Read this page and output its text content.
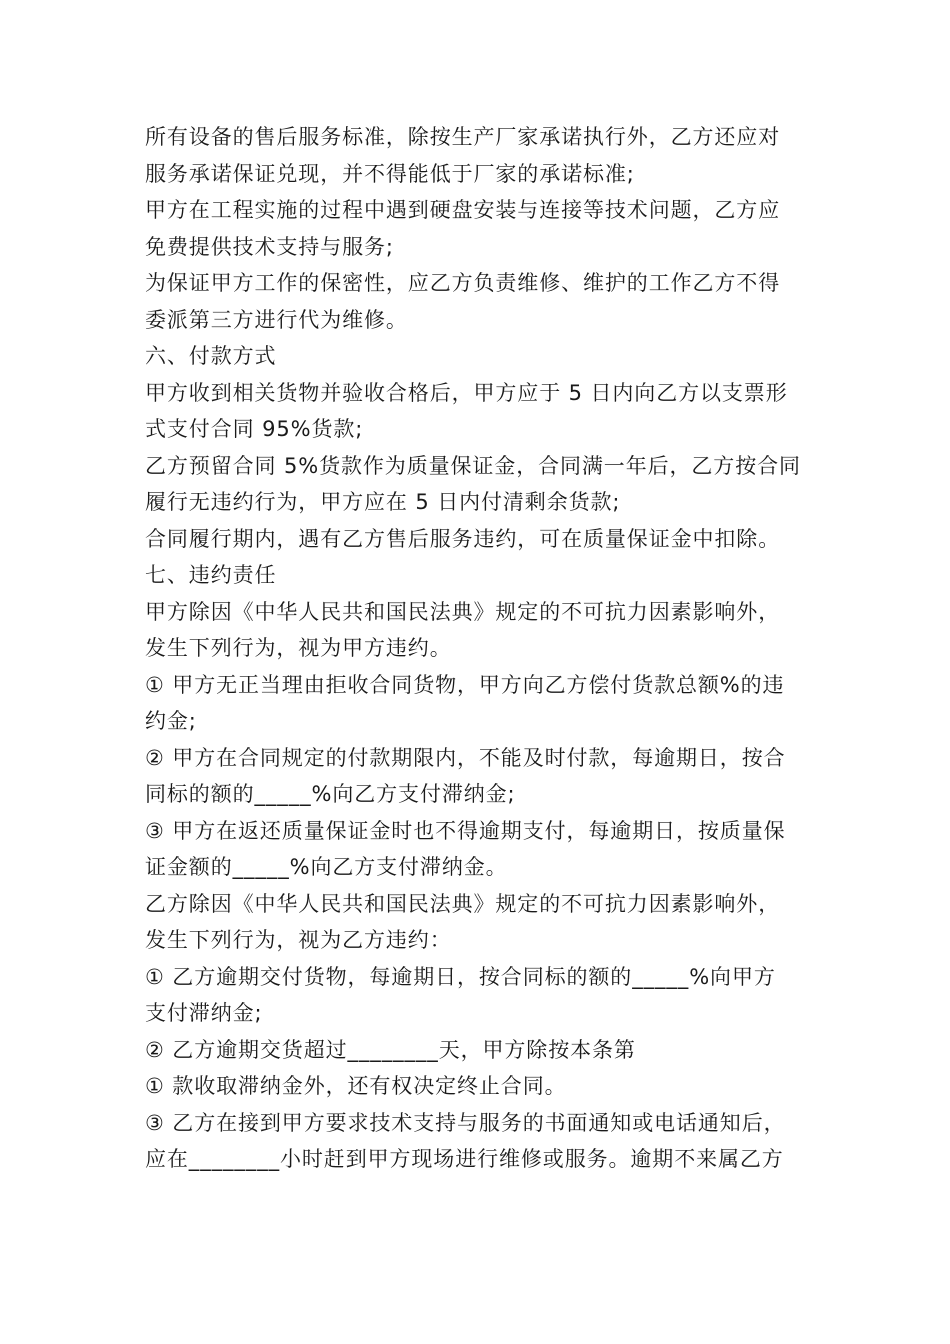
所有设备的售后服务标准，除按生产厂家承诺执行外，乙方还应对
服务承诺保证兑现，并不得能低于厂家的承诺标准;
甲方在工程实施的过程中遇到硬盘安装与连接等技术问题，乙方应
免费提供技术支持与服务;
为保证甲方工作的保密性，应乙方负责维修、维护的工作乙方不得
委派第三方进行代为维修。
六、付款方式
甲方收到相关货物并验收合格后，甲方应于 5 日内向乙方以支票形
式支付合同 95%货款;
乙方预留合同 5%货款作为质量保证金，合同满一年后，乙方按合同
履行无违约行为，甲方应在 5 日内付清剩余货款;
合同履行期内，遇有乙方售后服务违约，可在质量保证金中扣除。
七、违约责任
甲方除因《中华人民共和国民法典》规定的不可抗力因素影响外，
发生下列行为，视为甲方违约。
① 甲方无正当理由拒收合同货物，甲方向乙方偿付货款总额%的违
约金;
② 甲方在合同规定的付款期限内，不能及时付款，每逾期日，按合
同标的额的_____%向乙方支付滞纳金;
③ 甲方在返还质量保证金时也不得逾期支付，每逾期日，按质量保
证金额的_____%向乙方支付滞纳金。
乙方除因《中华人民共和国民法典》规定的不可抗力因素影响外，
发生下列行为，视为乙方违约：
① 乙方逾期交付货物，每逾期日，按合同标的额的_____%向甲方
支付滞纳金;
② 乙方逾期交货超过________天，甲方除按本条第
① 款收取滞纳金外，还有权决定终止合同。
③ 乙方在接到甲方要求技术支持与服务的书面通知或电话通知后，
应在________小时赶到甲方现场进行维修或服务。逾期不来属乙方
